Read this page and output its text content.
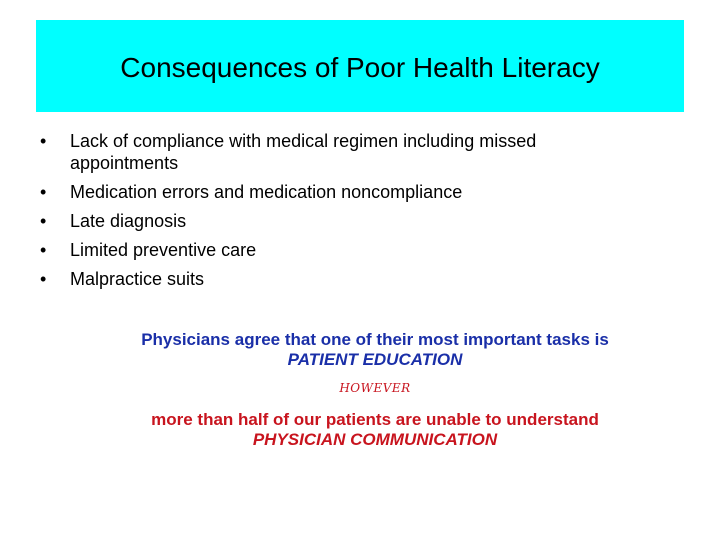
Consequences of Poor Health Literacy
•	Lack of compliance with medical regimen including missed appointments
•	Medication errors and medication noncompliance
•	Late diagnosis
•	Limited preventive care
•	Malpractice suits
Physicians agree that one of their most important tasks is
PATIENT EDUCATION
HOWEVER
more than half of our patients are unable to understand
PHYSICIAN COMMUNICATION
